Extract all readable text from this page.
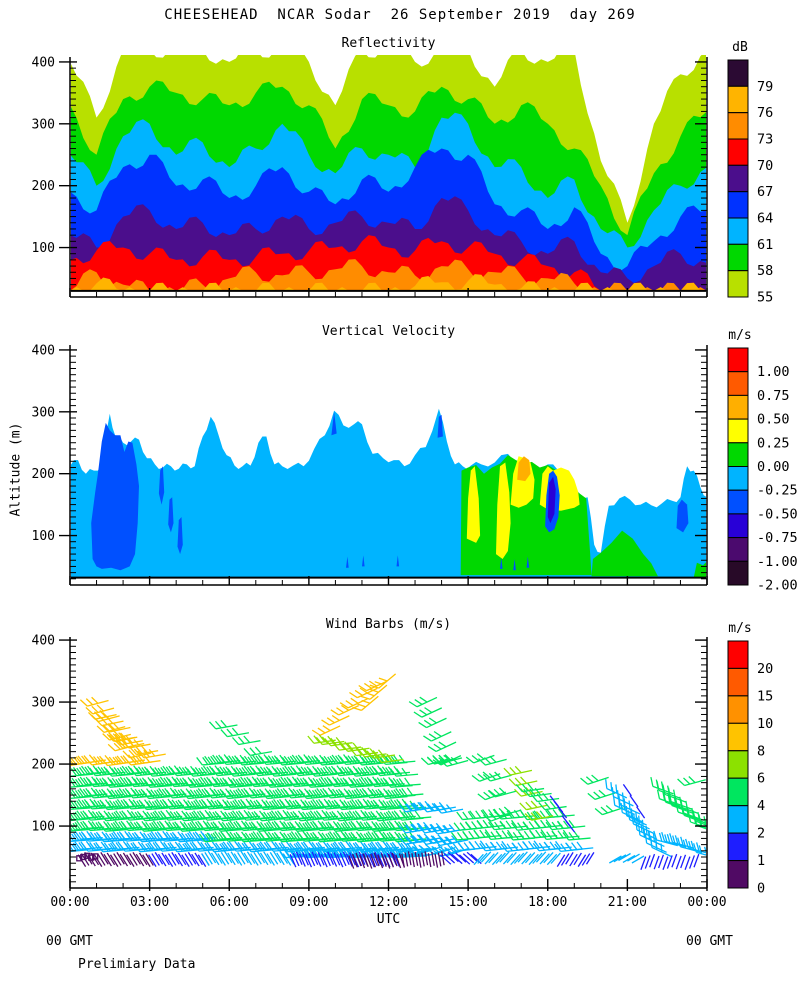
100
200
300
400
100
200
300
400
100
200
300
400
00:00	03:00	06:00	09:00	12:00	15:00	18:00	21:00	00:00
79
76
73
70
67
64
61
58
55
1.00
0.75
0.50
0.25
0.00
-0.25
-0.50
-0.75
-1.00
-2.00
20
15
10
8
6
4
2
1
0
CHEESEHEAD  NCAR Sodar  26 September 2019  day 269
Reflectivity
Vertical Velocity
Wind Barbs (m/s)
dB
m/s
m/s
Altitude (m)
UTC
00 GMT	00 GMT
Prelimiary Data
